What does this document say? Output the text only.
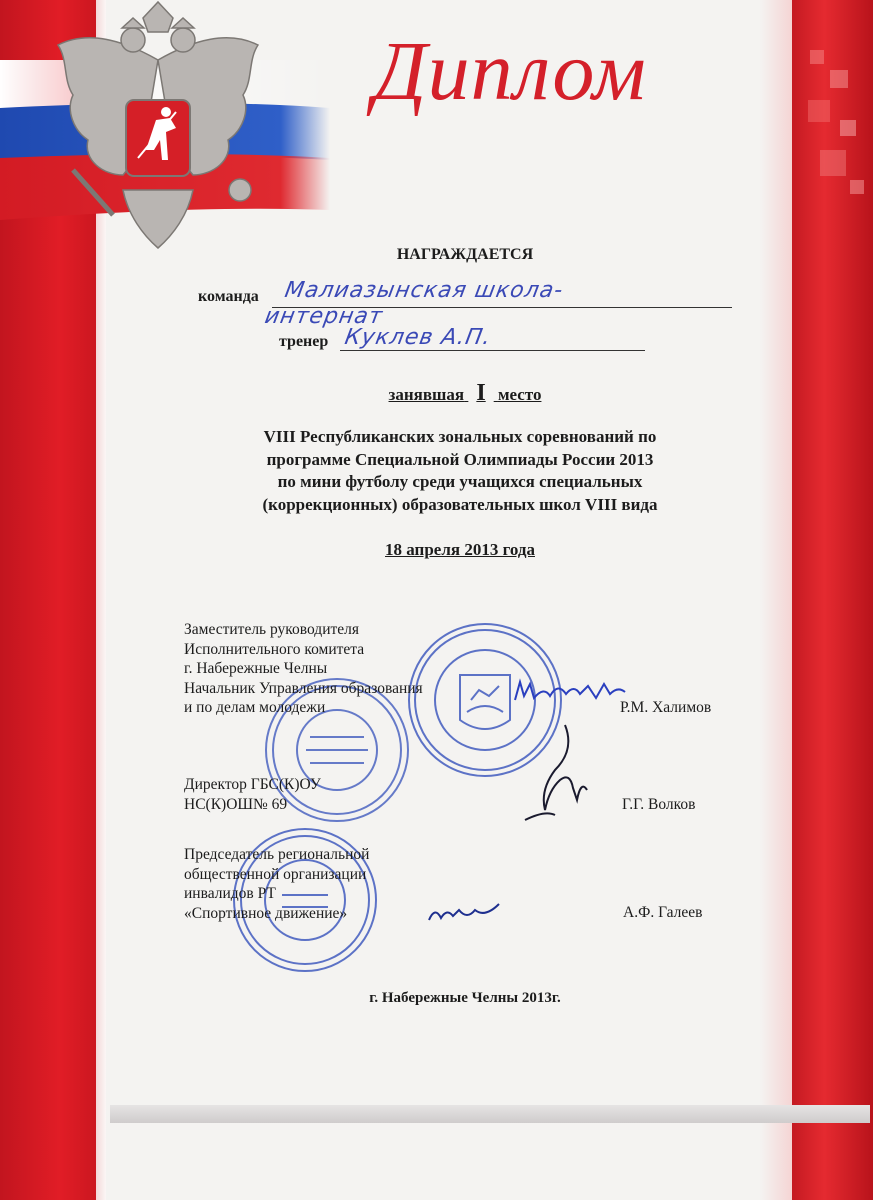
Диплом
НАГРАЖДАЕТСЯ
команда Малиазынская школа-
интернат
тренер Куклев А.П.
занявшая I место
VIII Республиканских зональных соревнований по
программе Специальной Олимпиады России 2013
по мини футболу среди учащихся специальных
(коррекционных) образовательных школ VIII вида
18 апреля 2013 года
Заместитель руководителя
Исполнительного комитета
г. Набережные Челны
Начальник Управления образования
и по делам молодежи	Р.М. Халимов
Директор ГБС(К)ОУ
НС(К)ОШ№ 69	Г.Г. Волков
Председатель региональной
общественной организации
инвалидов РТ
«Спортивное движение»	А.Ф. Галеев
г. Набережные Челны 2013г.
